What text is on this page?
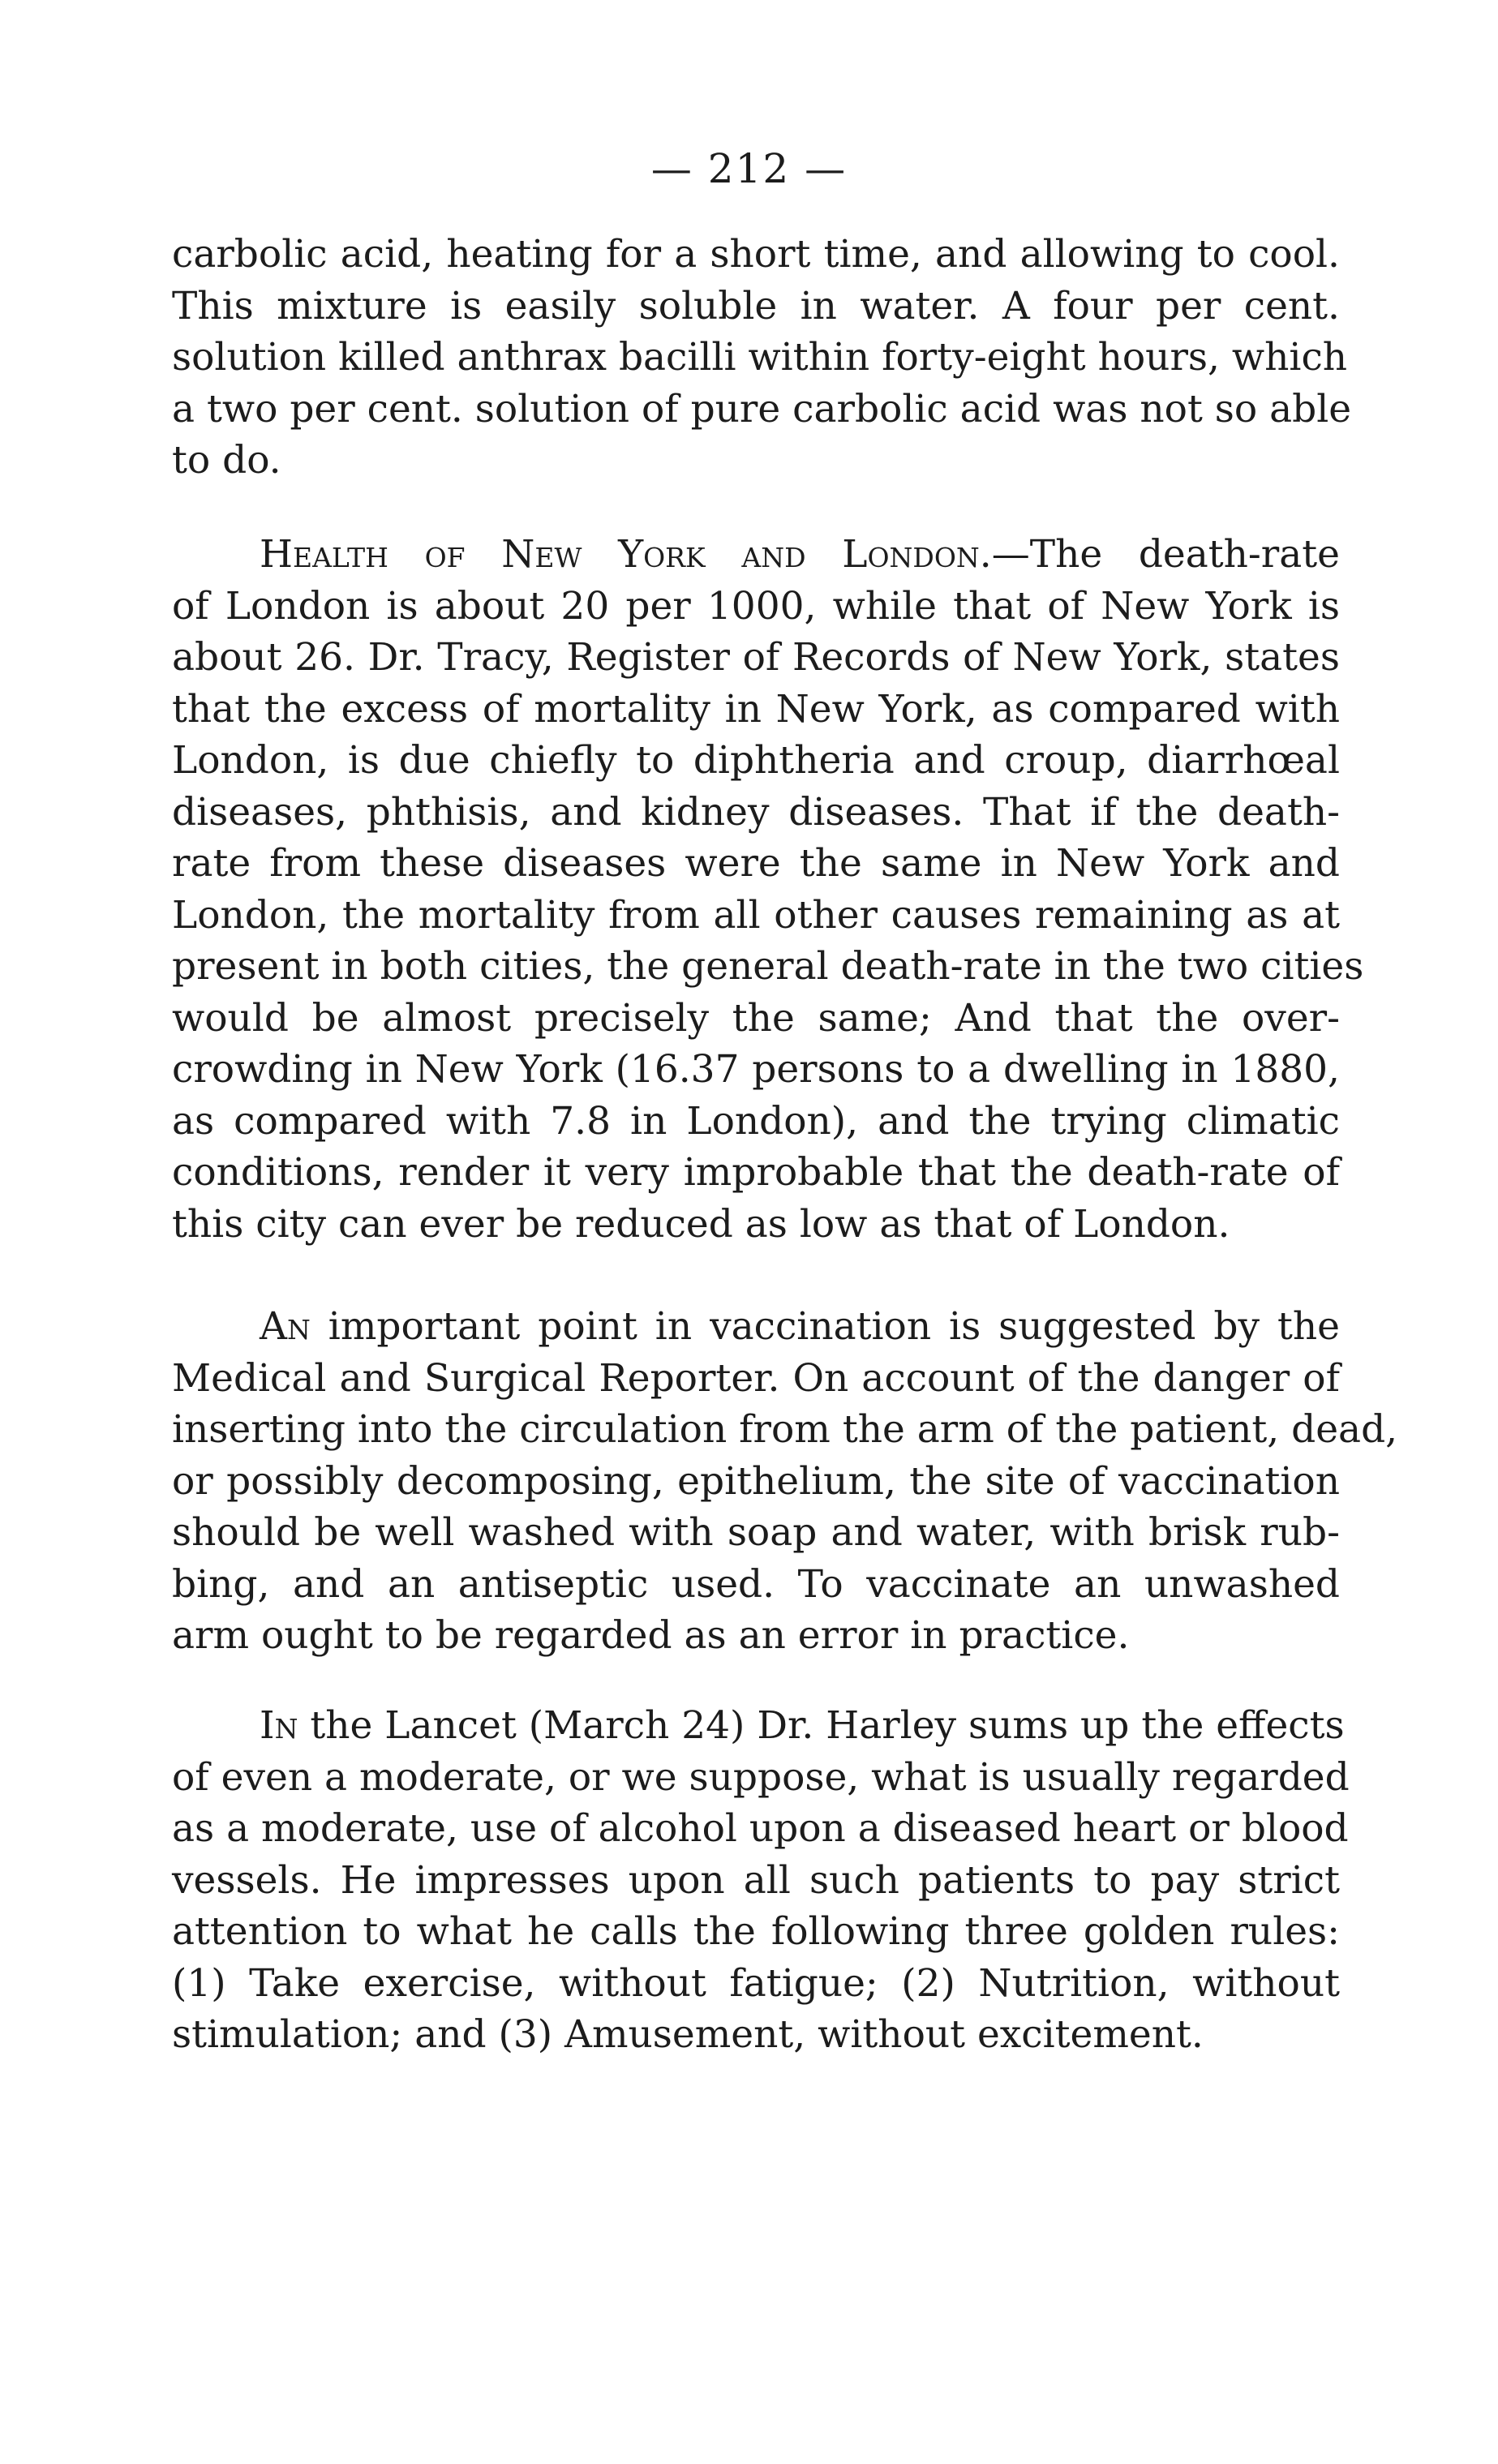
— 212 —
carbolic acid, heating for a short time, and allowing to cool.
This mixture is easily soluble in water. A four per cent.
solution killed anthrax bacilli within forty-eight hours, which
a two per cent. solution of pure carbolic acid was not so able
to do.
Health of New York and London.—The death-rate
of London is about 20 per 1000, while that of New York is
about 26. Dr. Tracy, Register of Records of New York, states
that the excess of mortality in New York, as compared with
London, is due chiefly to diphtheria and croup, diarrhœal
diseases, phthisis, and kidney diseases. That if the death-
rate from these diseases were the same in New York and
London, the mortality from all other causes remaining as at
present in both cities, the general death-rate in the two cities
would be almost precisely the same; And that the over-
crowding in New York (16.37 persons to a dwelling in 1880,
as compared with 7.8 in London), and the trying climatic
conditions, render it very improbable that the death-rate of
this city can ever be reduced as low as that of London.
An important point in vaccination is suggested by the
Medical and Surgical Reporter. On account of the danger of
inserting into the circulation from the arm of the patient, dead,
or possibly decomposing, epithelium, the site of vaccination
should be well washed with soap and water, with brisk rub-
bing, and an antiseptic used. To vaccinate an unwashed
arm ought to be regarded as an error in practice.
In the Lancet (March 24) Dr. Harley sums up the effects
of even a moderate, or we suppose, what is usually regarded
as a moderate, use of alcohol upon a diseased heart or blood
vessels. He impresses upon all such patients to pay strict
attention to what he calls the following three golden rules:
(1) Take exercise, without fatigue; (2) Nutrition, without
stimulation; and (3) Amusement, without excitement.
